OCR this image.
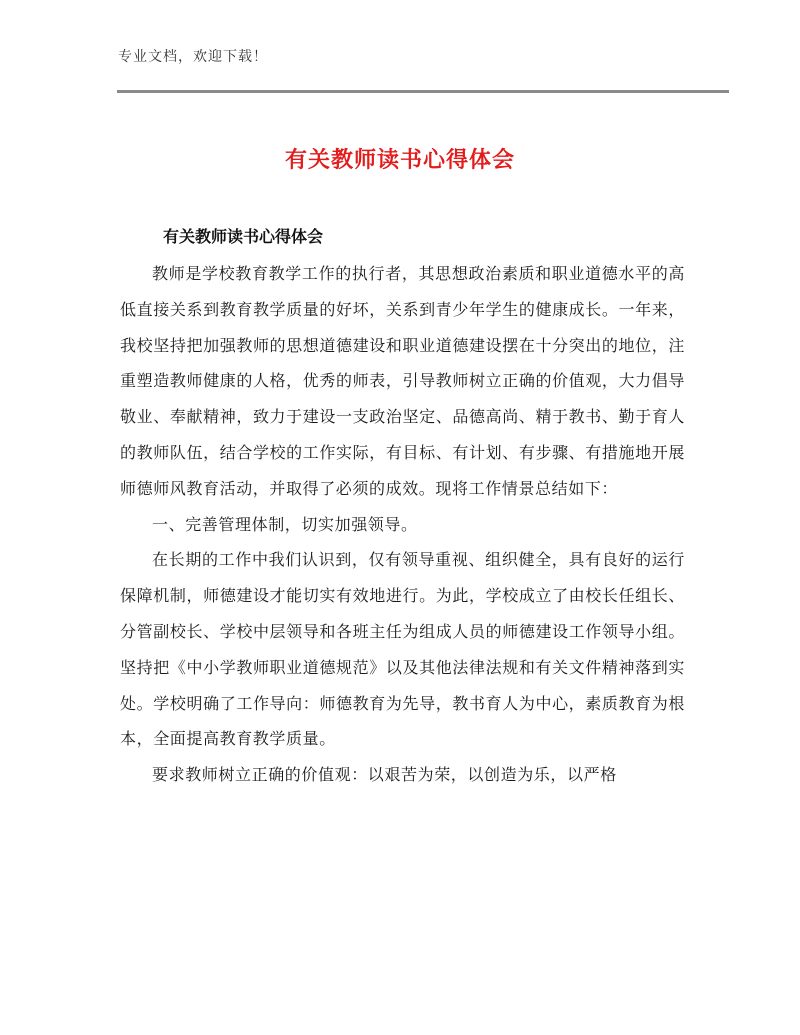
专业文档，欢迎下载！
有关教师读书心得体会
有关教师读书心得体会

教师是学校教育教学工作的执行者，其思想政治素质和职业道德水平的高低直接关系到教育教学质量的好坏，关系到青少年学生的健康成长。一年来，我校坚持把加强教师的思想道德建设和职业道德建设摆在十分突出的地位，注重塑造教师健康的人格，优秀的师表，引导教师树立正确的价值观，大力倡导敬业、奉献精神，致力于建设一支政治坚定、品德高尚、精于教书、勤于育人的教师队伍，结合学校的工作实际，有目标、有计划、有步骤、有措施地开展师德师风教育活动，并取得了必须的成效。现将工作情景总结如下：

一、完善管理体制，切实加强领导。

在长期的工作中我们认识到，仅有领导重视、组织健全，具有良好的运行保障机制，师德建设才能切实有效地进行。为此，学校成立了由校长任组长、分管副校长、学校中层领导和各班主任为组成人员的师德建设工作领导小组。坚持把《中小学教师职业道德规范》以及其他法律法规和有关文件精神落到实处。学校明确了工作导向：师德教育为先导，教书育人为中心，素质教育为根本，全面提高教育教学质量。

要求教师树立正确的价值观：以艰苦为荣，以创造为乐，以严格
